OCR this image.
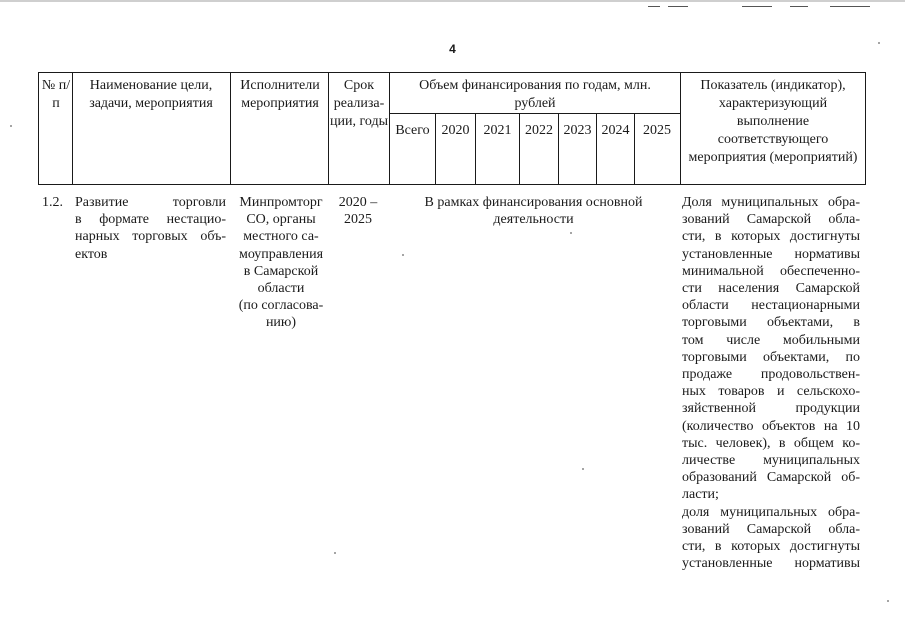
4
№ п/п
Наименование цели, задачи, мероприятия
Исполнители мероприятия
Срок реализа-ции, годы
Объем финансирования по годам, млн. рублей
Всего 2020	2021 2022 2023 2024 2025
Показатель (индикатор), характеризующий выполнение соответствующего мероприятия (мероприятий)
1.2. Развитие торговли
в формате нестацио-
нарных торговых объ-
ектов
Минпромторг
СО, органы
местного са-
моуправления
в Самарской
области
(по согласова-
нию)
2020 –
2025
В рамках финансирования основной
деятельности
Доля муниципальных обра-
зований Самарской обла-
сти, в которых достигнуты
установленные нормативы
минимальной обеспеченно-
сти населения Самарской
области нестационарными
торговыми объектами, в
том числе мобильными
торговыми объектами, по
продаже продовольствен-
ных товаров и сельскохо-
зяйственной продукции
(количество объектов на 10
тыс. человек), в общем ко-
личестве муниципальных
образований Самарской об-
ласти;
доля муниципальных обра-
зований Самарской обла-
сти, в которых достигнуты
установленные нормативы
